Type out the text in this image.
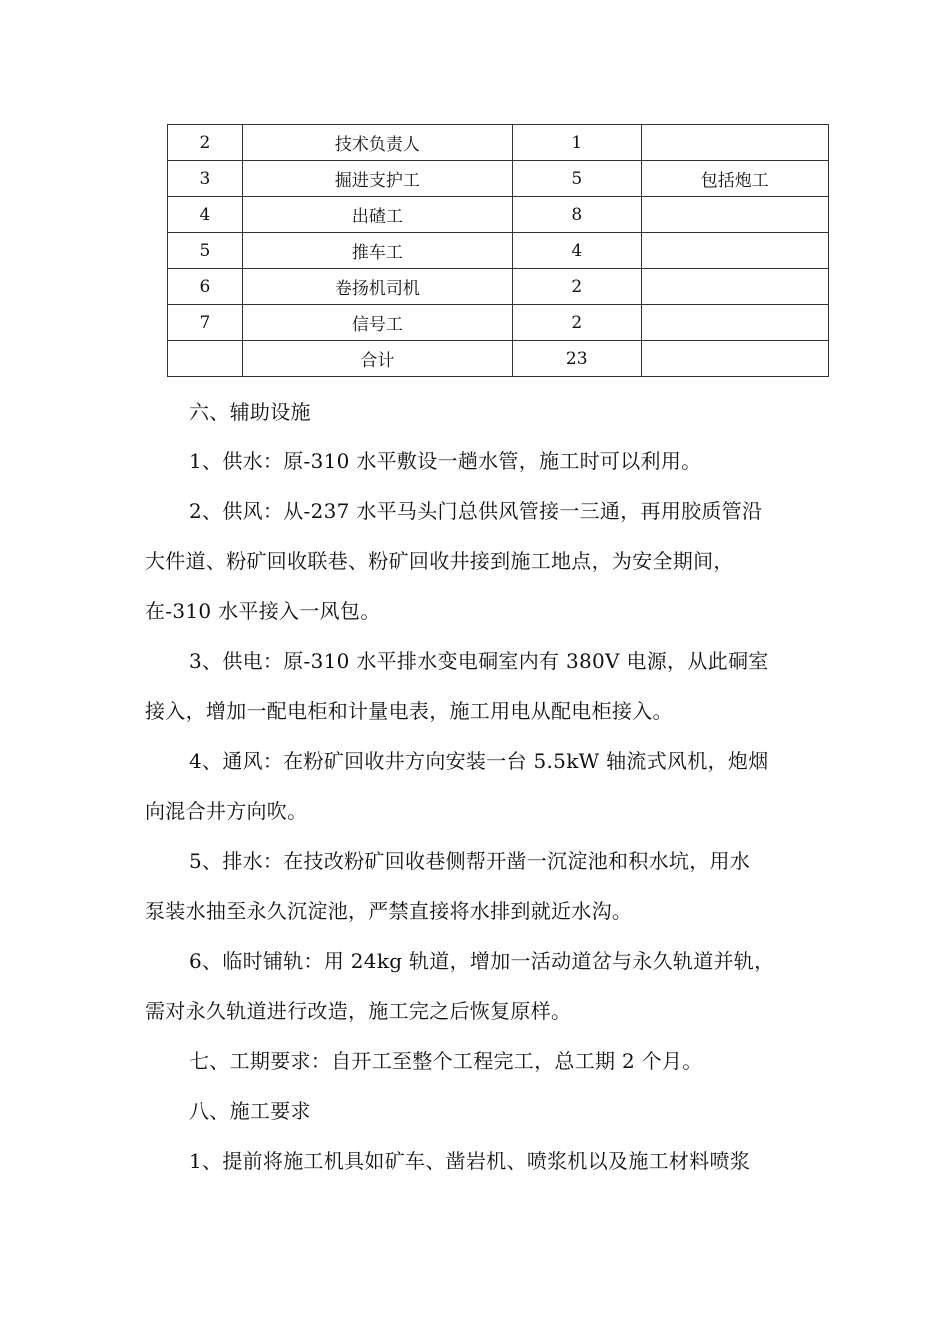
2	技术负责人	1	
3	掘进支护工	5	包括炮工
4	出碴工	8	
5	推车工	4	
6	卷扬机司机	2	
7	信号工	2	
	合计	23	
六、辅助设施
1、供水：原-310 水平敷设一趟水管，施工时可以利用。
2、供风：从-237 水平马头门总供风管接一三通，再用胶质管沿
大件道、粉矿回收联巷、粉矿回收井接到施工地点，为安全期间，
在-310 水平接入一风包。
3、供电：原-310 水平排水变电硐室内有 380V 电源，从此硐室
接入，增加一配电柜和计量电表，施工用电从配电柜接入。
4、通风：在粉矿回收井方向安装一台 5.5kW 轴流式风机，炮烟
向混合井方向吹。
5、排水：在技改粉矿回收巷侧帮开凿一沉淀池和积水坑，用水
泵装水抽至永久沉淀池，严禁直接将水排到就近水沟。
6、临时铺轨：用 24kg 轨道，增加一活动道岔与永久轨道并轨，
需对永久轨道进行改造，施工完之后恢复原样。
七、工期要求：自开工至整个工程完工，总工期 2 个月。
八、施工要求
1、提前将施工机具如矿车、凿岩机、喷浆机以及施工材料喷浆
